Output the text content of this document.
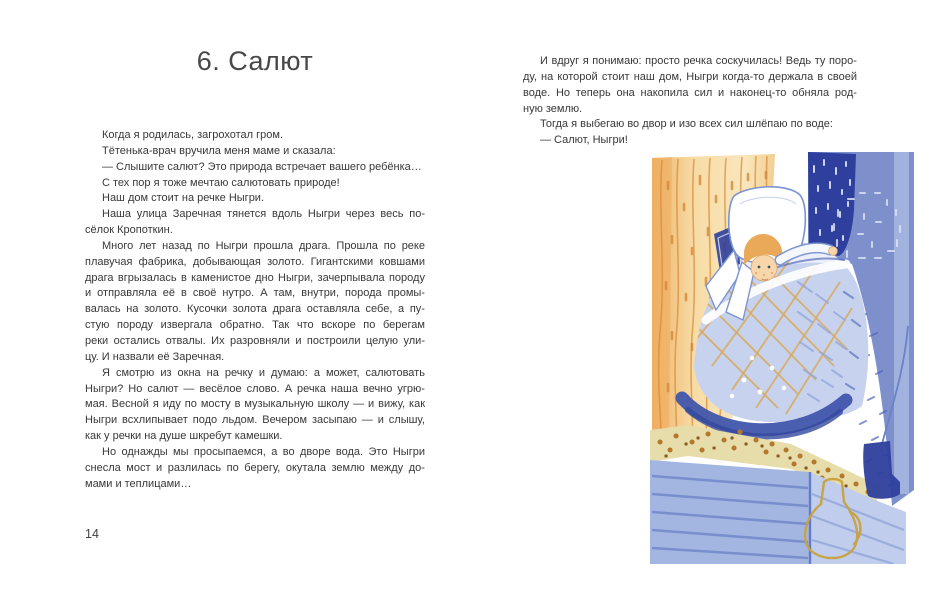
6. Салют
Когда я родилась, загрохотал гром.
Тётенька-врач вручила меня маме и сказала:
— Слышите салют? Это природа встречает вашего ребёнка…
С тех пор я тоже мечтаю салютовать природе!
Наш дом стоит на речке Ныгри.
Наша улица Заречная тянется вдоль Ныгри через весь по-
сёлок Кропоткин.
Много лет назад по Ныгри прошла драга. Прошла по реке
плавучая фабрика, добывающая золото. Гигантскими ковшами
драга вгрызалась в каменистое дно Ныгри, зачерпывала породу
и отправляла её в своё нутро. А там, внутри, порода промы-
валась на золото. Кусочки золота драга оставляла себе, а пу-
стую породу извергала обратно. Так что вскоре по берегам
реки остались отвалы. Их разровняли и построили целую ули-
цу. И назвали её Заречная.
Я смотрю из окна на речку и думаю: а может, салютовать
Ныгри? Но салют — весёлое слово. А речка наша вечно угрю-
мая. Весной я иду по мосту в музыкальную школу — и вижу, как
Ныгри всхлипывает подо льдом. Вечером засыпаю — и слышу,
как у речки на душе шкребут камешки.
Но однажды мы просыпаемся, а во дворе вода. Это Ныгри
снесла мост и разлилась по берегу, окутала землю между до-
мами и теплицами…
14
И вдруг я понимаю: просто речка соскучилась! Ведь ту поро-
ду, на которой стоит наш дом, Ныгри когда-то держала в своей
воде. Но теперь она накопила сил и наконец-то обняла род-
ную землю.
Тогда я выбегаю во двор и изо всех сил шлёпаю по воде:
— Салют, Ныгри!
